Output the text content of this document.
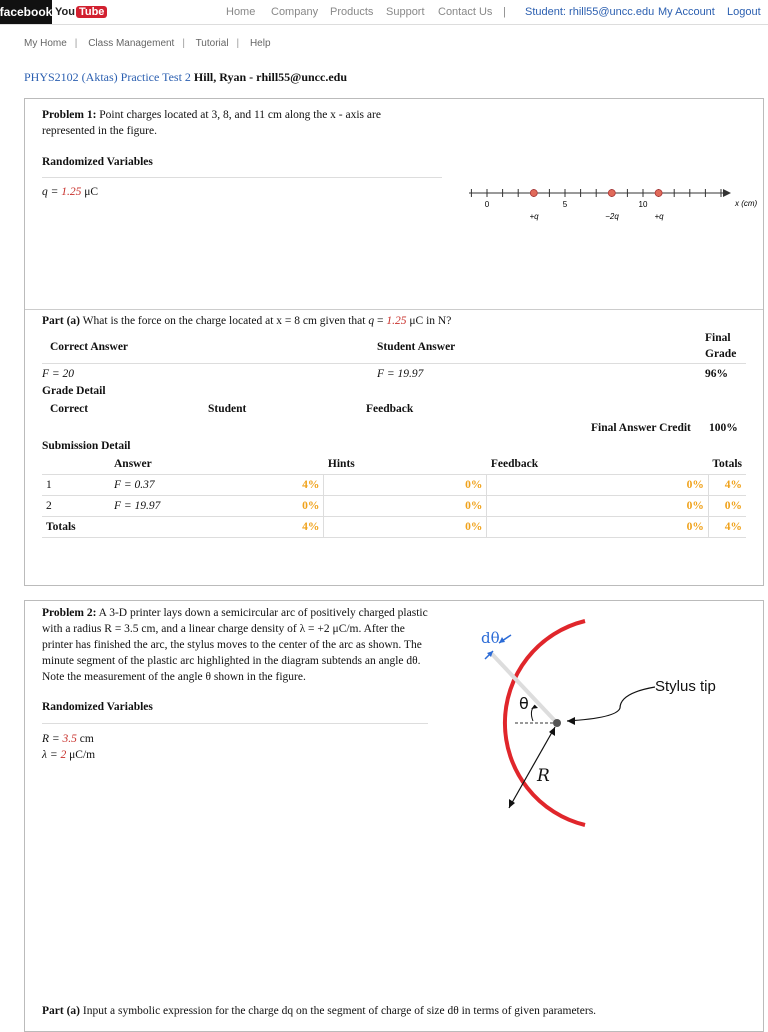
facebook You Tube	Home Company Products Support Contact Us | Student: rhill55@uncc.edu My Account Logout
My Home | Class Management | Tutorial | Help
PHYS2102 (Aktas) Practice Test 2 Hill, Ryan - rhill55@uncc.edu
Problem 1: Point charges located at 3, 8, and 11 cm along the x - axis are represented in the figure.
Randomized Variables
q = 1.25 μC
0	5	10	x (cm)
+q	−2q	+q
Part (a) What is the force on the charge located at x = 8 cm given that q = 1.25 μC in N?
Correct Answer	Student Answer
Final
Grade
F = 20	F = 19.97	96%
Grade Detail
Correct	Student	Feedback
Final Answer Credit 100%
Submission Detail
	Answer		Hints		Feedback		Totals
1	F = 0.37	4%		0%		0%	4%
2	F = 19.97	0%		0%		0%	0%
Totals		4%		0%		0%	4%
Problem 2: A 3-D printer lays down a semicircular arc of positively charged plastic with a radius R = 3.5 cm, and a linear charge density of λ = +2 μC/m. After the printer has finished the arc, the stylus moves to the center of the arc as shown. The minute segment of the plastic arc highlighted in the diagram subtends an angle dθ. Note the measurement of the angle θ shown in the figure.
Randomized Variables
R = 3.5 cm
λ = 2 μC/m
dθ
θ
Stylus tip
R
Part (a) Input a symbolic expression for the charge dq on the segment of charge of size dθ in terms of given parameters.
